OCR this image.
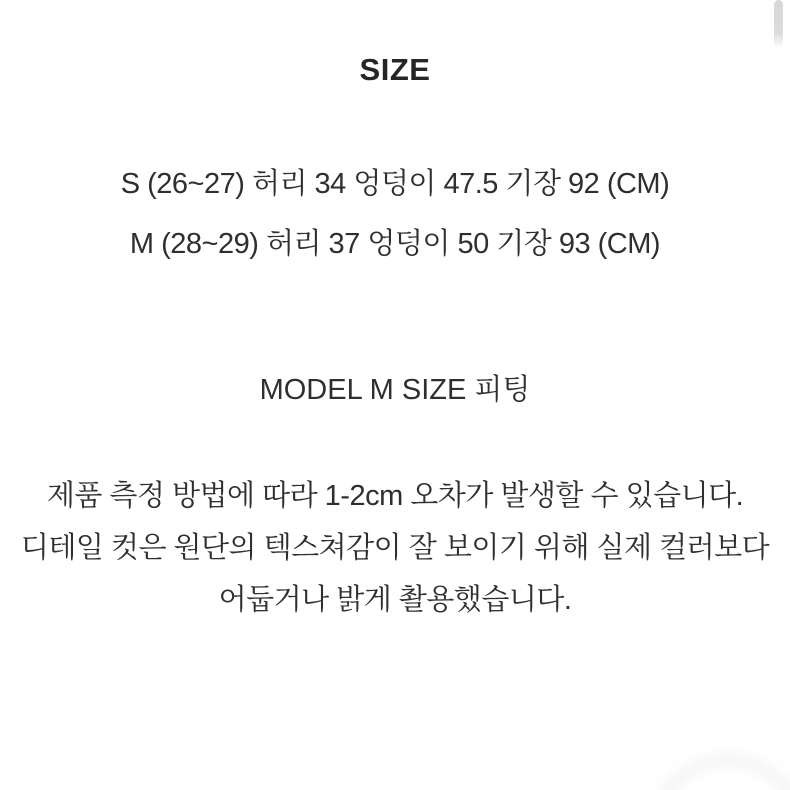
SIZE
S (26~27) 허리 34 엉덩이 47.5 기장 92 (CM)
M (28~29) 허리 37 엉덩이 50 기장 93 (CM)
MODEL M SIZE 피팅

제품 측정 방법에 따라 1-2cm 오차가 발생할 수 있습니다.

디테일 컷은 원단의 텍스쳐감이 잘 보이기 위해 실제 컬러보다 어둡거나 밝게 촬용했습니다.
